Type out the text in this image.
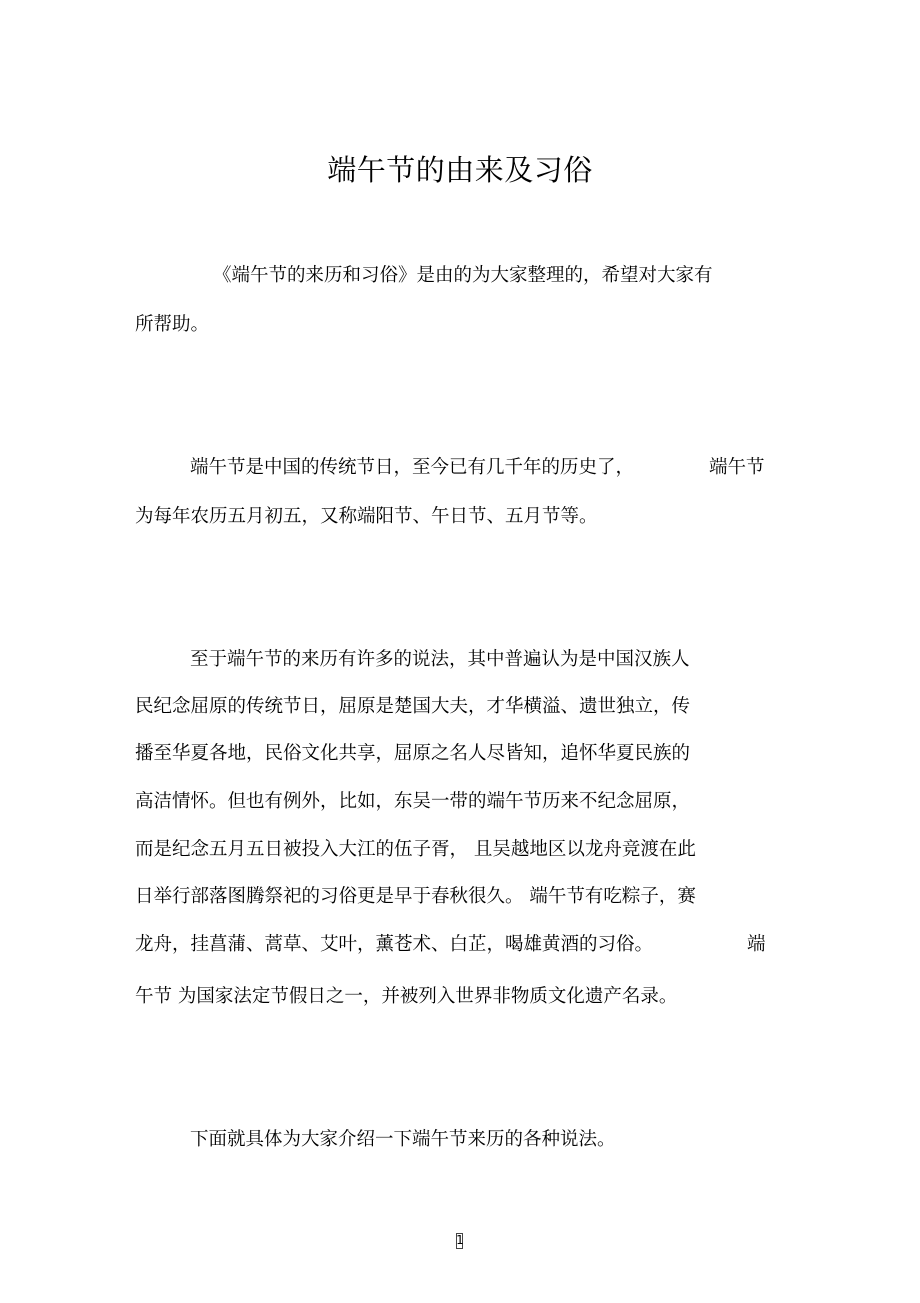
端午节的由来及习俗
《端午节的来历和习俗》是由的为大家整理的，希望对大家有
所帮助。
端午节是中国的传统节日，至今已有几千年的历史了，	端午节
为每年农历五月初五，又称端阳节、午日节、五月节等。
至于端午节的来历有许多的说法，其中普遍认为是中国汉族人
民纪念屈原的传统节日，屈原是楚国大夫，才华横溢、遗世独立，传
播至华夏各地，民俗文化共享，屈原之名人尽皆知，追怀华夏民族的
高洁情怀。但也有例外，比如，东吴一带的端午节历来不纪念屈原，
而是纪念五月五日被投入大江的伍子胥， 且吴越地区以龙舟竞渡在此
日举行部落图腾祭祀的习俗更是早于春秋很久。 端午节有吃粽子，赛
龙舟，挂菖蒲、蒿草、艾叶，薰苍术、白芷，喝雄黄酒的习俗。	端
午节 为国家法定节假日之一，并被列入世界非物质文化遗产名录。
下面就具体为大家介绍一下端午节来历的各种说法。
1
